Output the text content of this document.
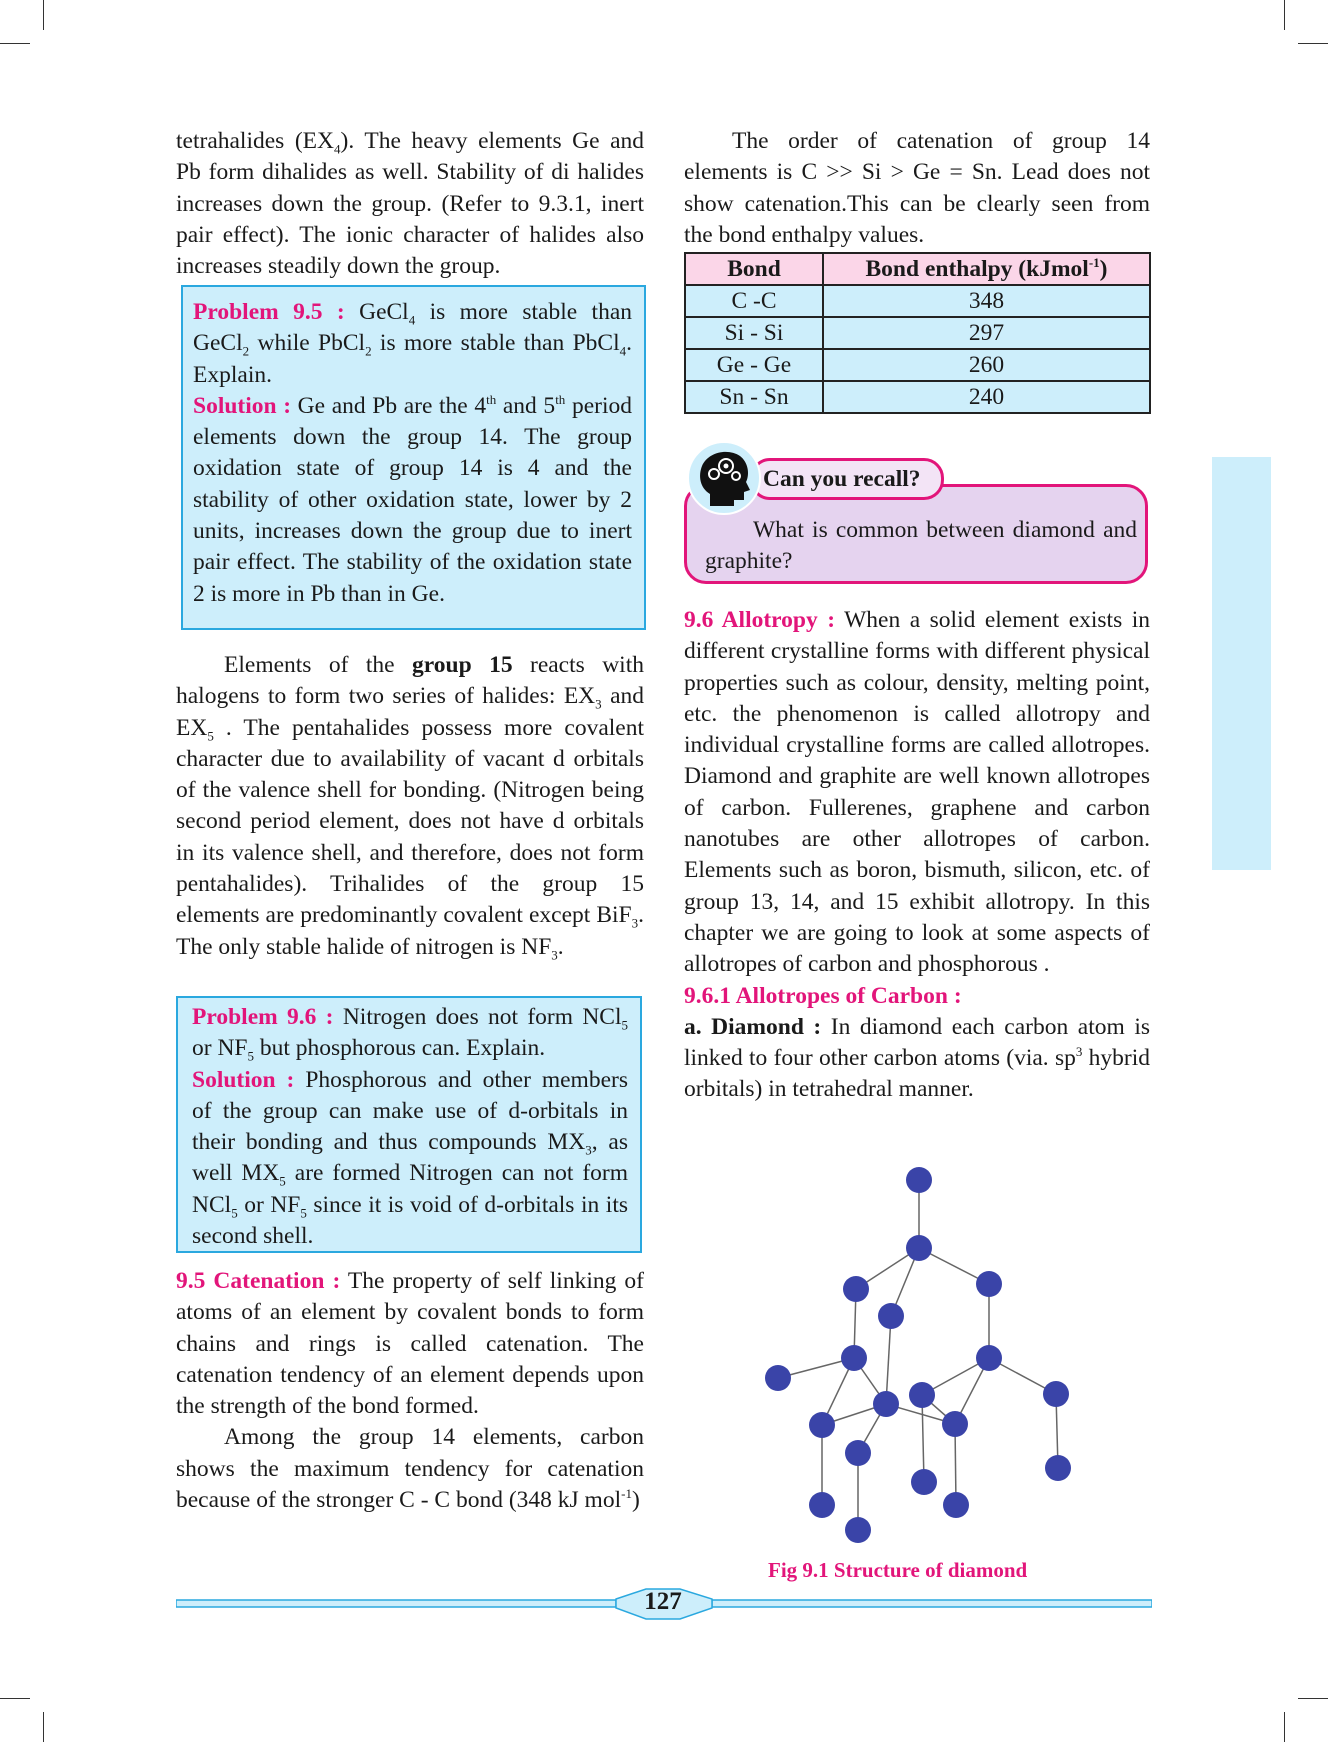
tetrahalides $(EX_4)$. The heavy elements Ge and Pb form dihalides as well. Stability of di halides increases down the group. (Refer to 9.3.1, inert pair effect). The ionic character of halides also increases steadily down the group.

Problem 9.5 : GeCl$_4$ is more stable than GeCl$_2$ while PbCl$_2$ is more stable than PbCl$_4$. Explain.
Solution : Ge and Pb are the 4th and 5th period elements down the group 14. The group oxidation state of group 14 is 4 and the stability of other oxidation state, lower by 2 units, increases down the group due to inert pair effect. The stability of the oxidation state 2 is more in Pb than in Ge.

Elements of the group 15 reacts with halogens to form two series of halides: $EX_3$ and $EX_5$ . The pentahalides possess more covalent character due to availability of vacant d orbitals of the valence shell for bonding. (Nitrogen being second period element, does not have d orbitals in its valence shell, and therefore, does not form pentahalides). Trihalides of the group 15 elements are predominantly covalent except BiF$_3$. The only stable halide of nitrogen is $NF_3$.

Problem 9.6 : Nitrogen does not form NCl$_5$ or $NF_5$ but phosphorous can. Explain.
Solution : Phosphorous and other members of the group can make use of d-orbitals in their bonding and thus compounds $MX_3$, as well $MX_5$ are formed Nitrogen can not form NCl$_5$ or $NF_5$ since it is void of d-orbitals in its second shell.

9.5 Catenation : The property of self linking of atoms of an element by covalent bonds to form chains and rings is called catenation. The catenation tendency of an element depends upon the strength of the bond formed.

Among the group 14 elements, carbon shows the maximum tendency for catenation because of the stronger C - C bond (348 kJ mol$^{-1}$)

The order of catenation of group 14 elements is C >> Si > Ge = Sn. Lead does not show catenation.This can be clearly seen from the bond enthalpy values.

Bond	Bond enthalpy (kJmol$^{-1}$)
C -C	348
Si - Si	297
Ge - Ge	260
Sn - Sn	240
Can you recall?
What is common between diamond and graphite?

9.6 Allotropy : When a solid element exists in different crystalline forms with different physical properties such as colour, density, melting point, etc. the phenomenon is called allotropy and individual crystalline forms are called allotropes. Diamond and graphite are well known allotropes of carbon. Fullerenes, graphene and carbon nanotubes are other allotropes of carbon. Elements such as boron, bismuth, silicon, etc. of group 13, 14, and 15 exhibit allotropy. In this chapter we are going to look at some aspects of allotropes of carbon and phosphorous .

9.6.1 Allotropes of Carbon :

a. Diamond : In diamond each carbon atom is linked to four other carbon atoms (via. $sp^3$ hybrid orbitals) in tetrahedral manner.

Fig 9.1 Structure of diamond
127
